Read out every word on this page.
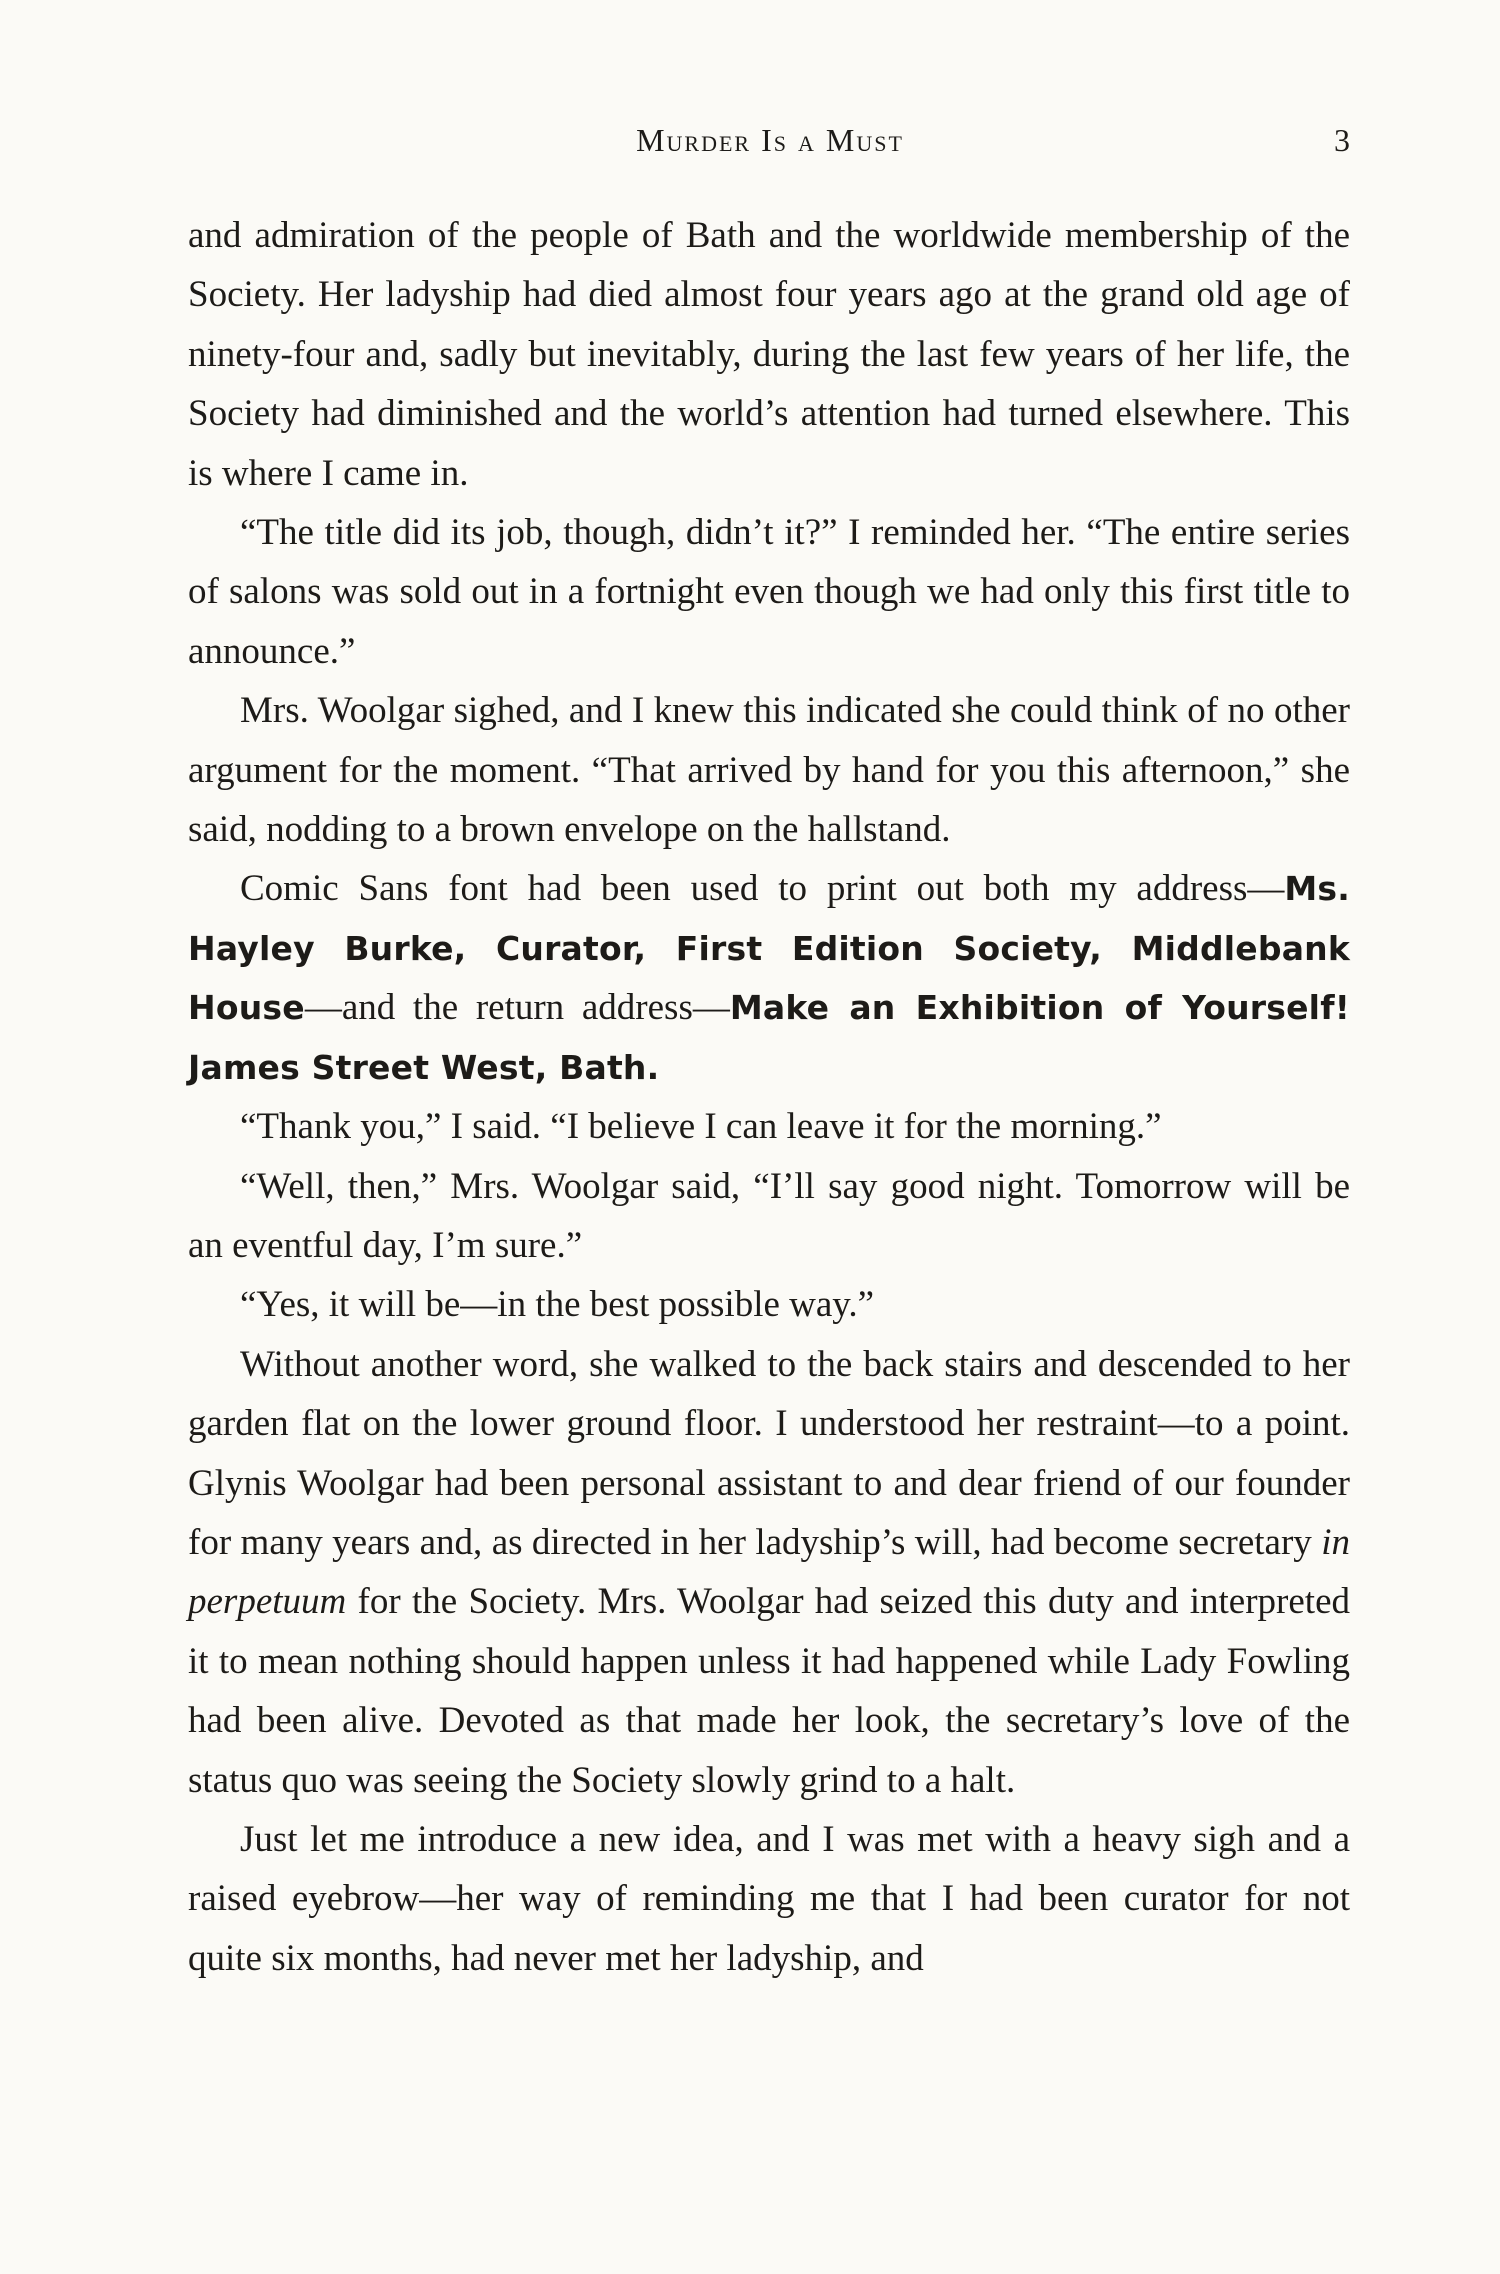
Murder Is a Must	3

and admiration of the people of Bath and the worldwide membership of the Society. Her ladyship had died almost four years ago at the grand old age of ninety-four and, sadly but inevitably, during the last few years of her life, the Society had diminished and the world’s attention had turned elsewhere. This is where I came in.

“The title did its job, though, didn’t it?” I reminded her. “The entire series of salons was sold out in a fortnight even though we had only this first title to announce.”

Mrs. Woolgar sighed, and I knew this indicated she could think of no other argument for the moment. “That arrived by hand for you this afternoon,” she said, nodding to a brown envelope on the hallstand.

Comic Sans font had been used to print out both my address—Ms. Hayley Burke, Curator, First Edition Society, Middlebank House—and the return address—Make an Exhibition of Yourself! James Street West, Bath.

“Thank you,” I said. “I believe I can leave it for the morning.”

“Well, then,” Mrs. Woolgar said, “I’ll say good night. Tomorrow will be an eventful day, I’m sure.”

“Yes, it will be—in the best possible way.”

Without another word, she walked to the back stairs and descended to her garden flat on the lower ground floor. I understood her restraint—to a point. Glynis Woolgar had been personal assistant to and dear friend of our founder for many years and, as directed in her ladyship’s will, had become secretary in perpetuum for the Society. Mrs. Woolgar had seized this duty and interpreted it to mean nothing should happen unless it had happened while Lady Fowling had been alive. Devoted as that made her look, the secretary’s love of the status quo was seeing the Society slowly grind to a halt.

Just let me introduce a new idea, and I was met with a heavy sigh and a raised eyebrow—her way of reminding me that I had been curator for not quite six months, had never met her ladyship, and
